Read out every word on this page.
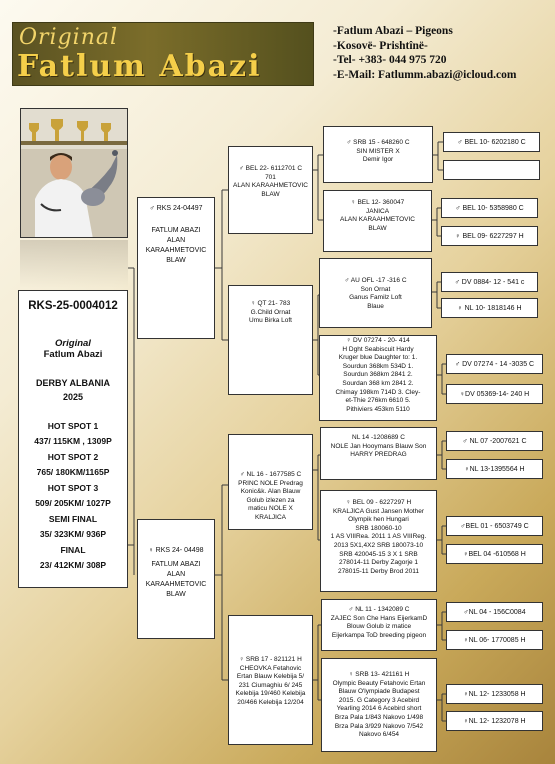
Original
Fatlum Abazi
-Fatlum Abazi – Pigeons
-Kosovë- Prishtînë-
-Tel- +383- 044 975 720
-E-Mail: Fatlumm.abazi@icloud.com
RKS-25-0004012
Original
Fatlum Abazi
DERBY ALBANIA
2025
HOT SPOT 1
437/ 115KM , 1309P
HOT SPOT 2
765/ 180KM/1165P
HOT SPOT 3
509/ 205KM/ 1027P
SEMI FINAL
35/ 323KM/ 936P
FINAL
23/ 412KM/ 308P
♂ RKS 24-04497
FATLUM ABAZI
ALAN KARAAHMETOVIC
BLAW
♀ RKS 24- 04498
FATLUM ABAZI
ALAN KARAAHMETOVIC
BLAW
♂ BEL 22- 6112701 C
701
ALAN KARAAHMETOVIC
BLAW
♀ QT 21- 783
G.Child Ornat
Umu Birka Loft
♂ NL 16 - 1677585 C
PRINC NOLE Predrag
Konic&k. Alan Blauw
Golub izlezen za
maticu NOLE X
KRALJICA
♀ SRB 17 - 821121 H
CHEOVKA Fetahovic
Ertan Blauw Kelebija 5/
231 Ciumaghiu 6/ 245
Kelebija 19/460 Kelebija
20/466 Kelebija 12/204
♂ SRB 15 - 648260 C
SIN MISTER X
Demir Igor
♀ BEL 12- 360047
JANICA
ALAN KARAAHMETOVIC
BLAW
♂ AU OFL -17 -316 C
Son Ornat
Ganus Familz Loft
Blaue
♀ DV 07274 - 20- 414
H Dght Seabiscuit Hardy
Kruger blue Daughter to: 1.
Sourdun 368km 534D 1.
Sourdun 368km 2841 2.
Sourdan 368 km 2841 2.
Chimay 198km 714D 3. Cley-
et-Thie 276km 6610 5.
Pithiviers 453km 5110
NL 14 -1208689 C
NOLE Jan Hooymans Blauw Son
HARRY PREDRAG
♀ BEL 09 - 6227297 H
KRALJICA Gust Jansen Mother
Olympik hen Hungari
SRB 180060-10
1 AS VIIIRea. 2011 1 AS VIIIReg.
2013 5X1,4X2 SRB 180073-10
SRB 420045-15 3 X 1 SRB
278014-11 Derby Zagorje 1
278015-11 Derby Brod 2011
♂ NL 11 - 1342089 C
ZAJEC Son Che Hans EijerkamD
Blouw Golub iz matice
Eijerkampa ToD breeding pigeon
♀ SRB 13- 421161 H
Olympic Beauty Fetahovic Ertan
Blauw O'lympiade Budapest
2015. G Category 3 Acebird
Yearling 2014 6 Acebird short
Brza Pala 1/843 Nakovo 1/498
Brza Pala 3/929 Nakovo 7/542
Nakovo 6/454
♂ BEL 10- 6202180 C
♂ BEL 10- 5358980 C
♀ BEL 09- 6227297 H
♂ DV 0884- 12 - 541 c
♀ NL 10- 1818146 H
♂ DV 07274 - 14 -3035 C
♀DV 05369-14- 240 H
♂ NL 07 -2007621 C
♀NL 13-1395564 H
♂BEL 01 - 6503749 C
♀BEL 04 -610568 H
♂NL 04 - 156C0084
♀NL 06- 1770085 H
♀NL 12- 1233058 H
♀NL 12- 1232078 H
